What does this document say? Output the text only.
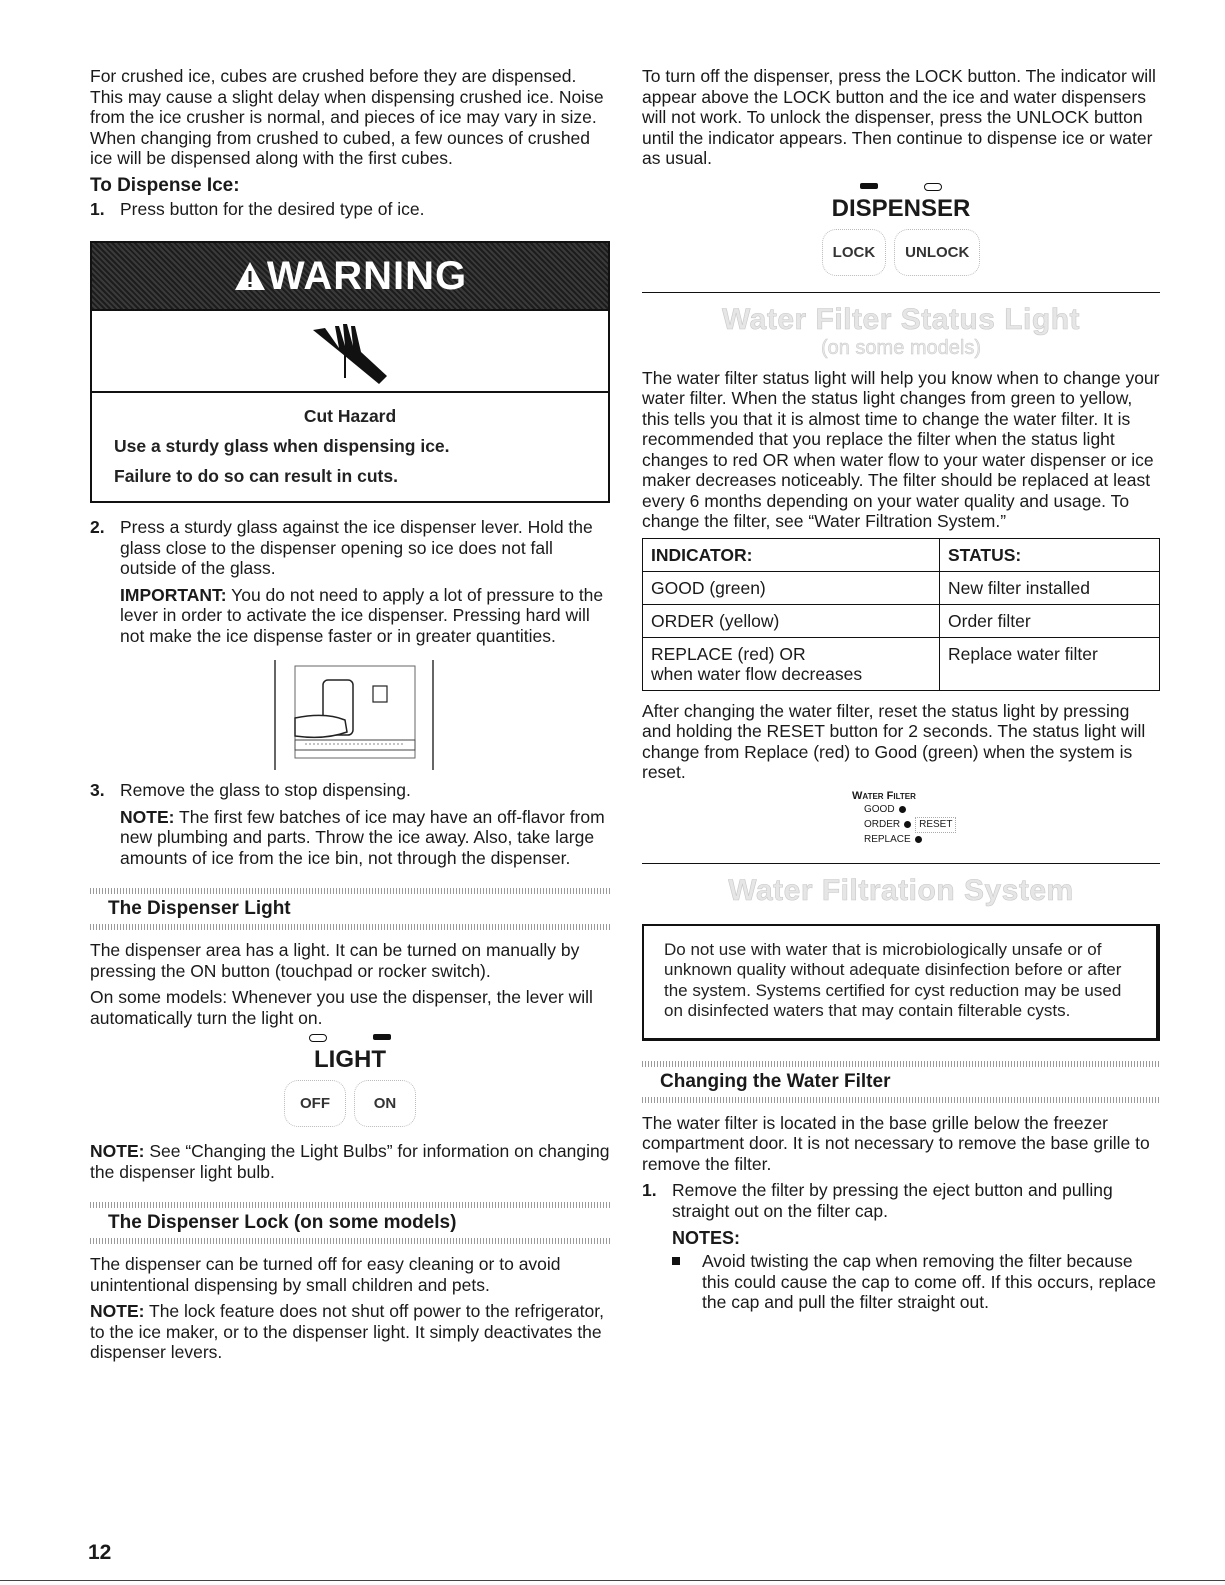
For crushed ice, cubes are crushed before they are dispensed. This may cause a slight delay when dispensing crushed ice. Noise from the ice crusher is normal, and pieces of ice may vary in size. When changing from crushed to cubed, a few ounces of crushed ice will be dispensed along with the first cubes.

To Dispense Ice:
1. Press button for the desired type of ice.
WARNING
Cut Hazard
Use a sturdy glass when dispensing ice.
Failure to do so can result in cuts.
2. Press a sturdy glass against the ice dispenser lever. Hold the glass close to the dispenser opening so ice does not fall outside of the glass.

IMPORTANT: You do not need to apply a lot of pressure to the lever in order to activate the ice dispenser. Pressing hard will not make the ice dispense faster or in greater quantities.

3. Remove the glass to stop dispensing.

NOTE: The first few batches of ice may have an off-flavor from new plumbing and parts. Throw the ice away. Also, take large amounts of ice from the ice bin, not through the dispenser.

The Dispenser Light

The dispenser area has a light. It can be turned on manually by pressing the ON button (touchpad or rocker switch).

On some models: Whenever you use the dispenser, the lever will automatically turn the light on.

LIGHT
OFF	ON

NOTE: See “Changing the Light Bulbs” for information on changing the dispenser light bulb.

The Dispenser Lock (on some models)

The dispenser can be turned off for easy cleaning or to avoid unintentional dispensing by small children and pets.

NOTE: The lock feature does not shut off power to the refrigerator, to the ice maker, or to the dispenser light. It simply deactivates the dispenser levers.

To turn off the dispenser, press the LOCK button. The indicator will appear above the LOCK button and the ice and water dispensers will not work. To unlock the dispenser, press the UNLOCK button until the indicator appears. Then continue to dispense ice or water as usual.

DISPENSER
LOCK	UNLOCK
Water Filter Status Light
(on some models)

The water filter status light will help you know when to change your water filter. When the status light changes from green to yellow, this tells you that it is almost time to change the water filter. It is recommended that you replace the filter when the status light changes to red OR when water flow to your water dispenser or ice maker decreases noticeably. The filter should be replaced at least every 6 months depending on your water quality and usage. To change the filter, see “Water Filtration System.”

INDICATOR:	STATUS:
GOOD (green)	New filter installed
ORDER (yellow)	Order filter
REPLACE (red) OR
when water flow decreases	Replace water filter

After changing the water filter, reset the status light by pressing and holding the RESET button for 2 seconds. The status light will change from Replace (red) to Good (green) when the system is reset.

Water Filter
GOOD
ORDER	RESET
REPLACE
Water Filtration System
Do not use with water that is microbiologically unsafe or of unknown quality without adequate disinfection before or after the system. Systems certified for cyst reduction may be used on disinfected waters that may contain filterable cysts.
Changing the Water Filter

The water filter is located in the base grille below the freezer compartment door. It is not necessary to remove the base grille to remove the filter.

1. Remove the filter by pressing the eject button and pulling straight out on the filter cap.
NOTES:
Avoid twisting the cap when removing the filter because this could cause the cap to come off. If this occurs, replace the cap and pull the filter straight out.
12
